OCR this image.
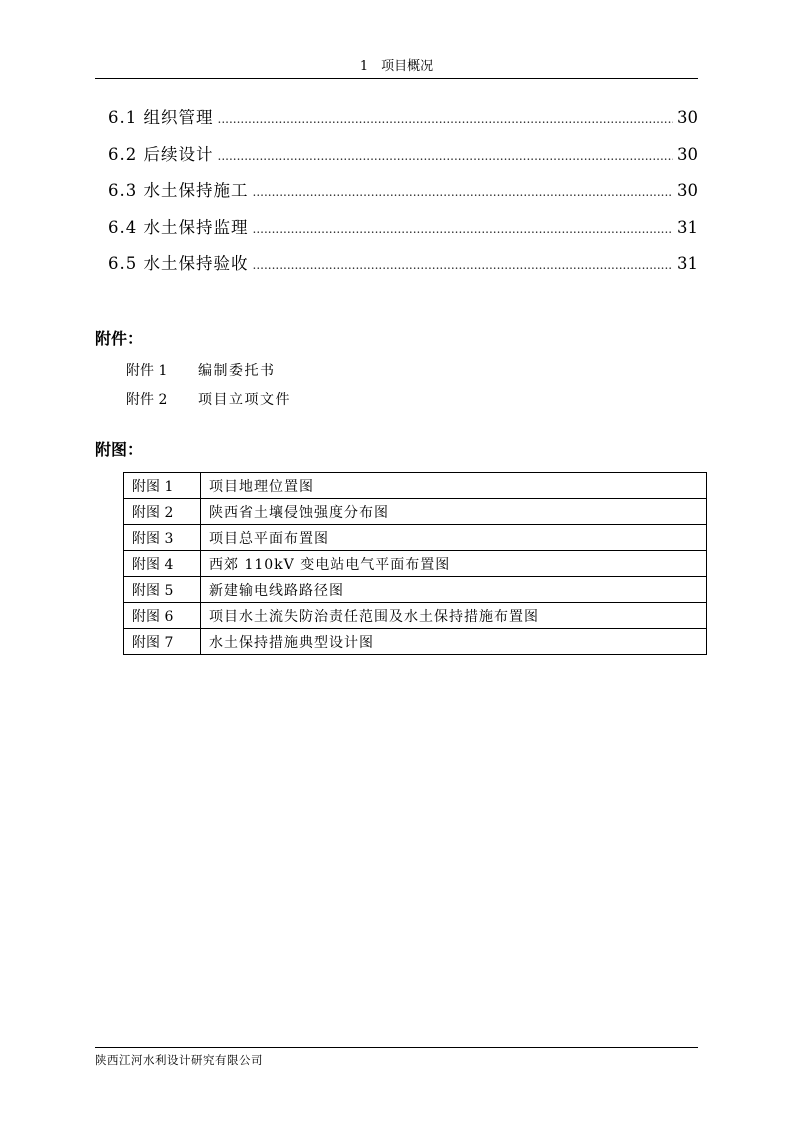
1　项目概况
6.1 组织管理 .....	30
6.2 后续设计 .....	30
6.3 水土保持施工 .....	30
6.4 水土保持监理 .....	31
6.5 水土保持验收 .....	31
附件：
附件 1	编制委托书
附件 2	项目立项文件
附图：
附图 1	项目地理位置图
附图 2	陕西省土壤侵蚀强度分布图
附图 3	项目总平面布置图
附图 4	西郊 110kV 变电站电气平面布置图
附图 5	新建输电线路路径图
附图 6	项目水土流失防治责任范围及水土保持措施布置图
附图 7	水土保持措施典型设计图
陕西江河水利设计研究有限公司
